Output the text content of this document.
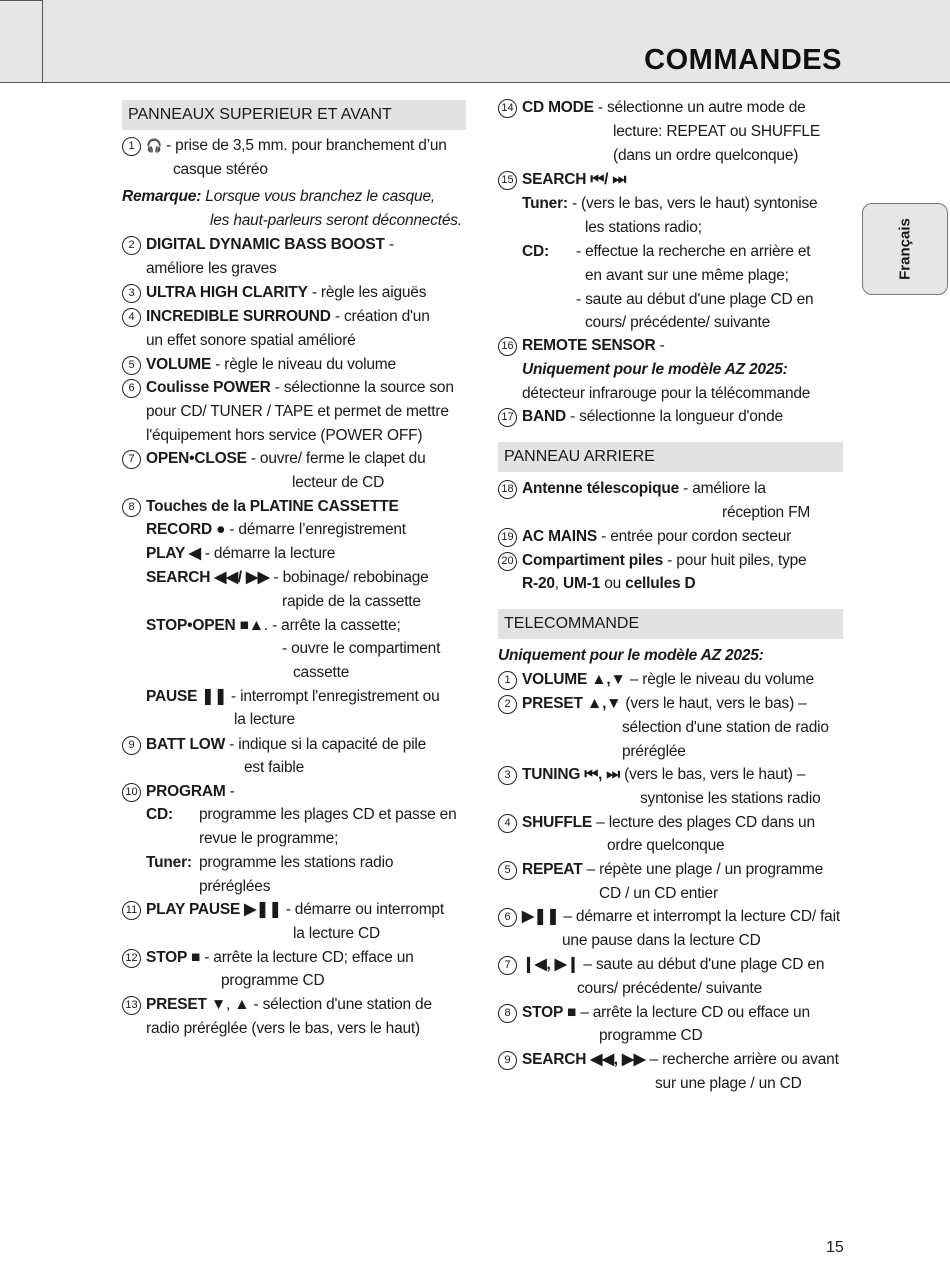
COMMANDES
Français
PANNEAUX SUPERIEUR ET AVANT
1 🎧 - prise de 3,5 mm. pour branchement d’un
casque stéréo
Remarque: Lorsque vous branchez le casque,
les haut-parleurs seront déconnectés.
2 DIGITAL DYNAMIC BASS BOOST -
améliore les graves
3 ULTRA HIGH CLARITY - règle les aiguës
4 INCREDIBLE SURROUND - création d'un
un effet sonore spatial amélioré
5 VOLUME - règle le niveau du volume
6 Coulisse POWER - sélectionne la source son
pour CD/ TUNER / TAPE et permet de mettre
l'équipement hors service (POWER OFF)
7 OPEN•CLOSE - ouvre/ ferme le clapet du
lecteur de CD
8 Touches de la PLATINE CASSETTE
RECORD ● - démarre l’enregistrement
PLAY ◀ - démarre la lecture
SEARCH ◀◀/ ▶▶ - bobinage/ rebobinage
rapide de la cassette
STOP•OPEN ■▲. - arrête la cassette;
- ouvre le compartiment
cassette
PAUSE ❚❚ - interrompt l'enregistrement ou
la lecture
9 BATT LOW - indique si la capacité de pile
est faible
10 PROGRAM -
CD: programme les plages CD et passe en
revue le programme;
Tuner: programme les stations radio
préréglées
11 PLAY PAUSE ▶❚❚ - démarre ou interrompt
la lecture CD
12 STOP ■ - arrête la lecture CD; efface un
programme CD
13 PRESET ▼, ▲ - sélection d'une station de
radio préréglée (vers le bas, vers le haut)
14 CD MODE - sélectionne un autre mode de
lecture: REPEAT ou SHUFFLE
(dans un ordre quelconque)
15 SEARCH ⏮/ ⏭
Tuner: - (vers le bas, vers le haut) syntonise
les stations radio;
CD: - effectue la recherche en arrière et
en avant sur une même plage;
- saute au début d'une plage CD en
cours/ précédente/ suivante
16 REMOTE SENSOR -
Uniquement pour le modèle AZ 2025:
détecteur infrarouge pour la télécommande
17 BAND - sélectionne la longueur d'onde
PANNEAU ARRIERE
18 Antenne télescopique - améliore la
réception FM
19 AC MAINS - entrée pour cordon secteur
20 Compartiment piles - pour huit piles, type
R-20, UM-1 ou cellules D
TELECOMMANDE
Uniquement pour le modèle AZ 2025:
1 VOLUME ▲,▼ – règle le niveau du volume
2 PRESET ▲,▼ (vers le haut, vers le bas) –
sélection d'une station de radio
préréglée
3 TUNING ⏮, ⏭ (vers le bas, vers le haut) –
syntonise les stations radio
4 SHUFFLE – lecture des plages CD dans un
ordre quelconque
5 REPEAT – répète une plage / un programme
CD / un CD entier
6 ▶❚❚ – démarre et interrompt la lecture CD/ fait
une pause dans la lecture CD
7 ❙◀, ▶❙ – saute au début d'une plage CD en
cours/ précédente/ suivante
8 STOP ■ – arrête la lecture CD ou efface un
programme CD
9 SEARCH ◀◀, ▶▶ – recherche arrière ou avant
sur une plage / un CD
15
